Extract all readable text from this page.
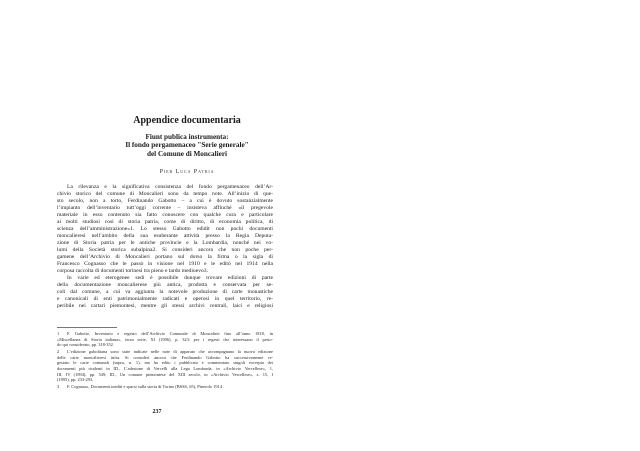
Appendice documentaria
Fiunt publica instrumenta:
Il fondo pergamenaceo "Serie generale"
del Comune di Moncalieri
Pier Luca Patria
La rilevanza e la significativa consistenza del fondo pergamenaceo dell’Ar-
chivio storico del comune di Moncalieri sono da tempo note. All’inizio di que-
sto secolo, non a torto, Ferdinando Gabotto – a cui è dovuto sostanzialmente
l’impianto dell’inventario tutt’oggi corrente – insisteva affinché «il pregevole
materiale in esso contenuto sia fatto conoscere con qualche cura e particolare
ai molti studiosi così di storia patria, come di diritto, di economia politica, di
scienza dell’amministrazione»1. Lo stesso Gabotto edidit non pochi documenti
moncalieresi nell’ambito della sua esuberante attività presso la Regia Deputa-
zione di Storia patria per le antiche provincie e la Lombardia, nonché nei vo-
lumi della Società storica subalpina2. Si consideri ancora che non poche per-
gamene dell’Archivio di Moncalieri portano sul dorso la firma o la sigla di
Francesco Cognasso che le passò in visione nel 1910 e le editò nel 1914 nella
corposa raccolta di documenti torinesi tra pieno e tardo medioevo3.
In varie ed eterogenee sedi è possibile dunque trovare edizioni di parte
della documentazione moncalierese più antica, prodotta e conservata per se-
coli dal comune, a cui va aggiunta la notevole produzione di carte monastiche
e canonicali di enti patrimonialmente radicati e operosi in quel territorio, re-
peribile nei cartari piemontesi, mentre gli stessi archivi centrali, laici e religiosi
1 F. Gabotto, Inventario e regesto dell’Archivio Comunale di Moncalieri fino all’anno 1818, in
«Miscellanea di Storia italiana», terza serie, XI (1906), p. 323; per i regesti che interessano il perio-
do qui considerato, pp. 318-352.
2 L’edizione gaboltiana sono state indicate nelle note di apparato che accompagnano la nuova edizione
delle carte moncalieresi infra. Si consideri ancora che Ferdinando Gabotto ha successivamente re-
gestato le carte comunali (supra, n. 1), ma ha edito i pubblicato e commentato singoli excerpta dei
documenti più risalenti in ID., L’adesione di Vercelli alla Lega Lombarda, in «Archivio Vercellese», 1,
III, IV (1894), pp. 549; ID., Un comune piemontese del XIII secolo, in «Archivio Vercellese», s. 15, I
(1895), pp. 233-293.
3 F. Cognasso, Documenti inediti e sparsi sulla storia di Torino (BSSS, 65), Pinerolo 1914.
237
